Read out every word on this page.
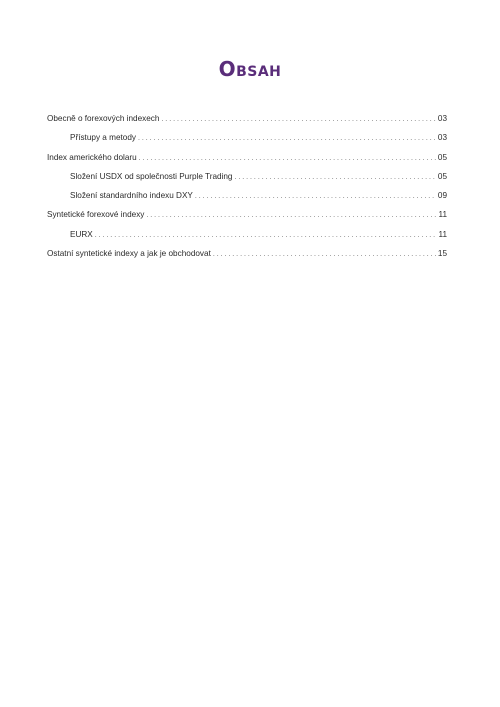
Obsah
Obecně o forexových indexech . . .	03
Přístupy a metody . . .	03
Index amerického dolaru . . .	05
Složení USDX od společnosti Purple Trading . . .	05
Složení standardního indexu DXY . . .	09
Syntetické forexové indexy . . .	11
EURX . . .	11
Ostatní syntetické indexy a jak je obchodovat . . .	15
